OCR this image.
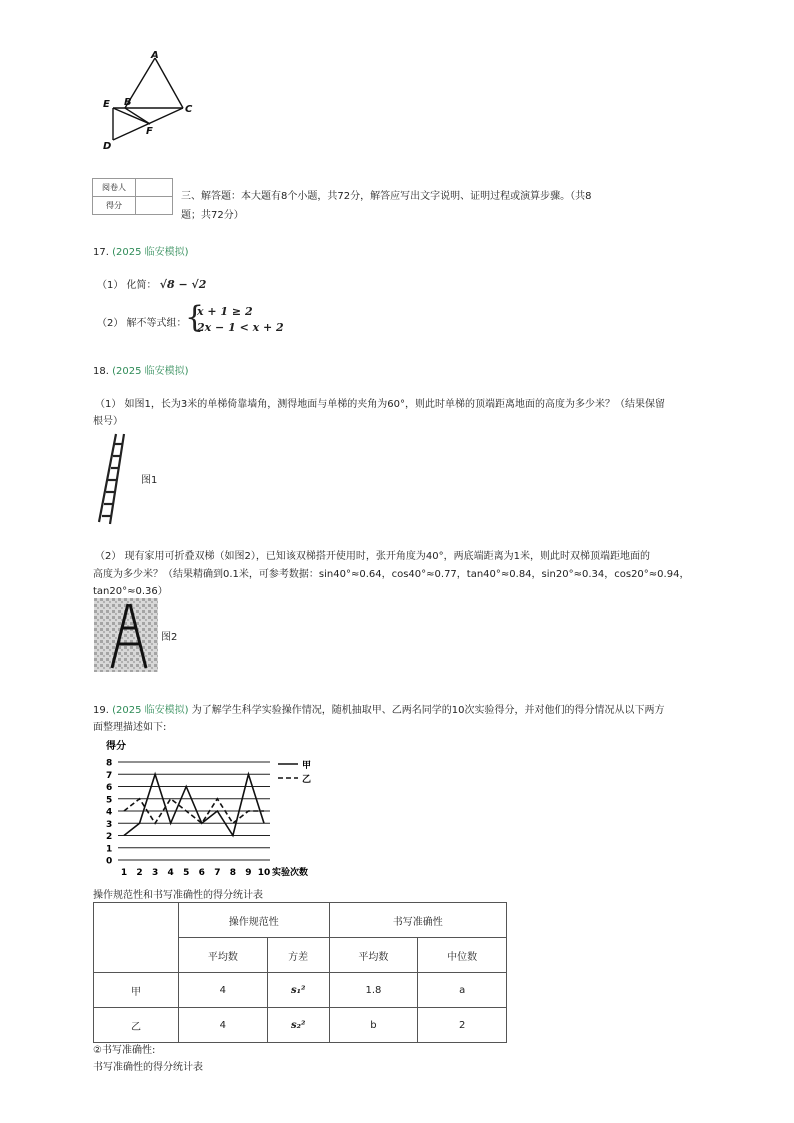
A
E B
C
D
F
阅卷人	
得分	
三、解答题：本大题有8个小题，共72分，解答应写出文字说明、证明过程或演算步骤。（共8
题；共72分）
17. (2025 临安模拟)
（1） 化简： √8 − √2
（2） 解不等式组：
{
x + 1 ≥ 2
2x − 1 < x + 2
18. (2025 临安模拟)
（1） 如图1，长为3米的单梯倚靠墙角，测得地面与单梯的夹角为60°，则此时单梯的顶端距离地面的高度为多少米？（结果保留
根号）
图1
（2） 现有家用可折叠双梯（如图2），已知该双梯搭开使用时，张开角度为40°，两底端距离为1米，则此时双梯顶端距地面的
高度为多少米？（结果精确到0.1米，可参考数据：sin40°≈0.64，cos40°≈0.77，tan40°≈0.84，sin20°≈0.34，cos20°≈0.94，
tan20°≈0.36）
图2
19. (2025 临安模拟) 为了解学生科学实验操作情况，随机抽取甲、乙两名同学的10次实验得分，并对他们的得分情况从以下两方
面整理描述如下:
得分
0
1
2
3
4
5
6
7
8
1 2 3 4 5 6 7 8 9 10 实验次数
甲
乙
操作规范性和书写准确性的得分统计表
	操作规范性		书写准确性	
	平均数	方差	平均数	中位数
甲	4	s₁²	1.8	a
乙	4	s₂²	b	2
②书写准确性:
书写准确性的得分统计表
